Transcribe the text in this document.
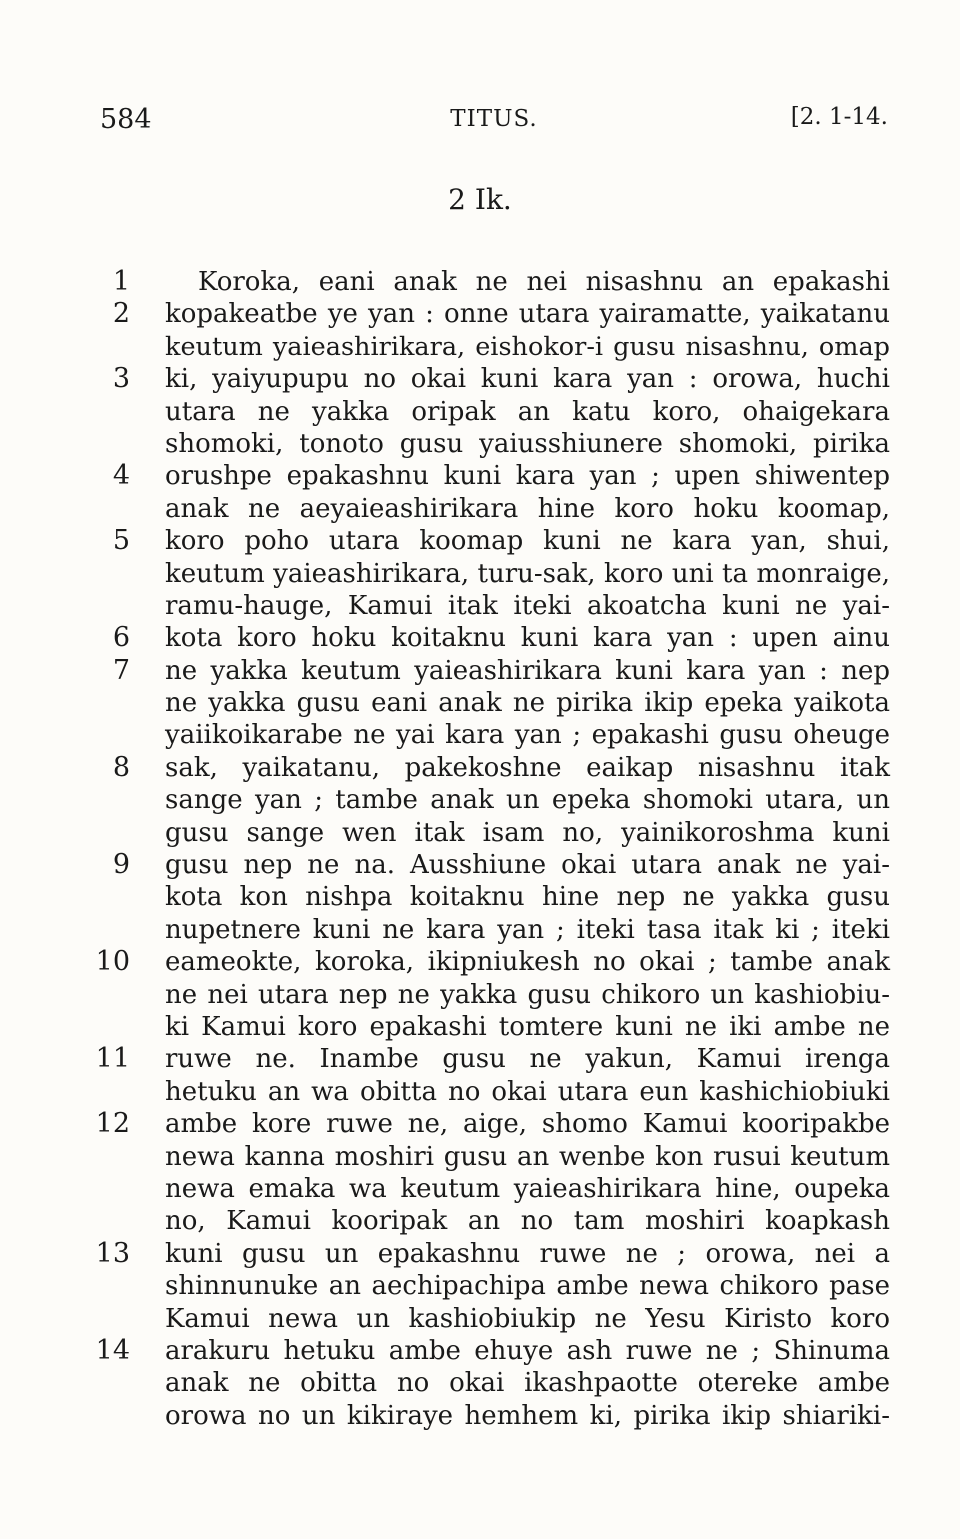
584	TITUS.	[2. 1-14.
2 Ik.
1	Koroka, eani anak ne nei nisashnu an epakashi
2 kopakeatbe ye yan : onne utara yairamatte, yaikatanu
keutum yaieashirikara, eishokor-i gusu nisashnu, omap
3 ki, yaiyupupu no okai kuni kara yan : orowa, huchi
utara ne yakka oripak an katu koro, ohaigekara
shomoki, tonoto gusu yaiusshiunere shomoki, pirika
4 orushpe epakashnu kuni kara yan ; upen shiwentep
anak ne aeyaieashirikara hine koro hoku koomap,
5 koro poho utara koomap kuni ne kara yan, shui,
keutum yaieashirikara, turu-sak, koro uni ta monraige,
ramu-hauge, Kamui itak iteki akoatcha kuni ne yai-
6 kota koro hoku koitaknu kuni kara yan : upen ainu
7 ne yakka keutum yaieashirikara kuni kara yan : nep
ne yakka gusu eani anak ne pirika ikip epeka yaikota
yaiikoikarabe ne yai kara yan ; epakashi gusu oheuge
8 sak, yaikatanu, pakekoshne eaikap nisashnu itak
sange yan ; tambe anak un epeka shomoki utara, un
gusu sange wen itak isam no, yainikoroshma kuni
9 gusu nep ne na. Ausshiune okai utara anak ne yai-
kota kon nishpa koitaknu hine nep ne yakka gusu
nupetnere kuni ne kara yan ; iteki tasa itak ki ; iteki
10 eameokte, koroka, ikipniukesh no okai ; tambe anak
ne nei utara nep ne yakka gusu chikoro un kashiobiu-
ki Kamui koro epakashi tomtere kuni ne iki ambe ne
11 ruwe ne. Inambe gusu ne yakun, Kamui irenga
hetuku an wa obitta no okai utara eun kashichiobiuki
12 ambe kore ruwe ne, aige, shomo Kamui kooripakbe
newa kanna moshiri gusu an wenbe kon rusui keutum
newa emaka wa keutum yaieashirikara hine, oupeka
no, Kamui kooripak an no tam moshiri koapkash
13 kuni gusu un epakashnu ruwe ne ; orowa, nei a
shinnunuke an aechipachipa ambe newa chikoro pase
Kamui newa un kashiobiukip ne Yesu Kiristo koro
14 arakuru hetuku ambe ehuye ash ruwe ne ; Shinuma
anak ne obitta no okai ikashpaotte otereke ambe
orowa no un kikiraye hemhem ki, pirika ikip shiariki-
